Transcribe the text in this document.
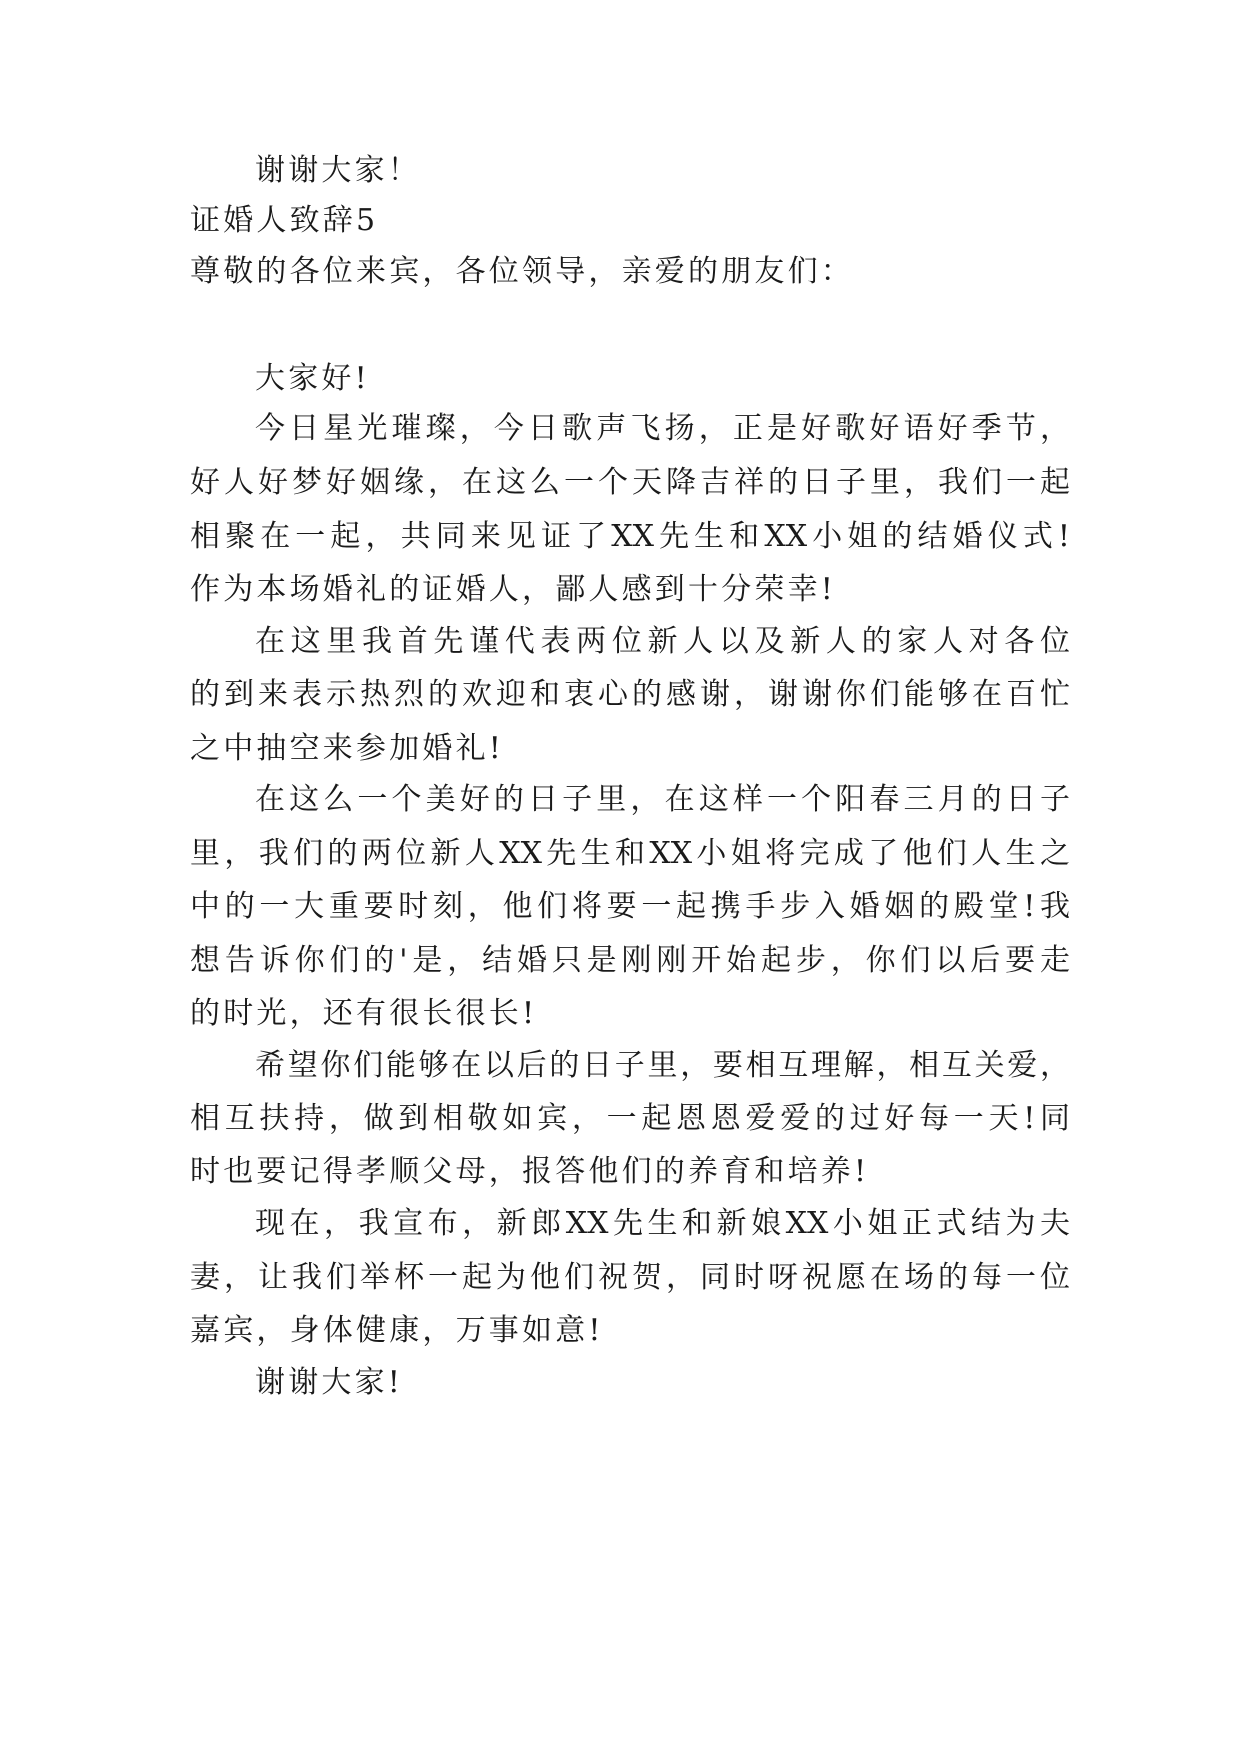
谢谢大家！
证婚人致辞5
尊敬的各位来宾，各位领导，亲爱的朋友们：
大家好!
今日星光璀璨，今日歌声飞扬，正是好歌好语好季节，
好人好梦好姻缘，在这么一个天降吉祥的日子里，我们一起
相聚在一起，共同来见证了XX先生和XX小姐的结婚仪式!
作为本场婚礼的证婚人，鄙人感到十分荣幸!
在这里我首先谨代表两位新人以及新人的家人对各位
的到来表示热烈的欢迎和衷心的感谢，谢谢你们能够在百忙
之中抽空来参加婚礼!
在这么一个美好的日子里，在这样一个阳春三月的日子
里，我们的两位新人XX先生和XX小姐将完成了他们人生之
中的一大重要时刻，他们将要一起携手步入婚姻的殿堂!我
想告诉你们的'是，结婚只是刚刚开始起步，你们以后要走
的时光，还有很长很长!
希望你们能够在以后的日子里，要相互理解，相互关爱，
相互扶持，做到相敬如宾，一起恩恩爱爱的过好每一天!同
时也要记得孝顺父母，报答他们的养育和培养!
现在，我宣布，新郎XX先生和新娘XX小姐正式结为夫
妻，让我们举杯一起为他们祝贺，同时呀祝愿在场的每一位
嘉宾，身体健康，万事如意!
谢谢大家!
